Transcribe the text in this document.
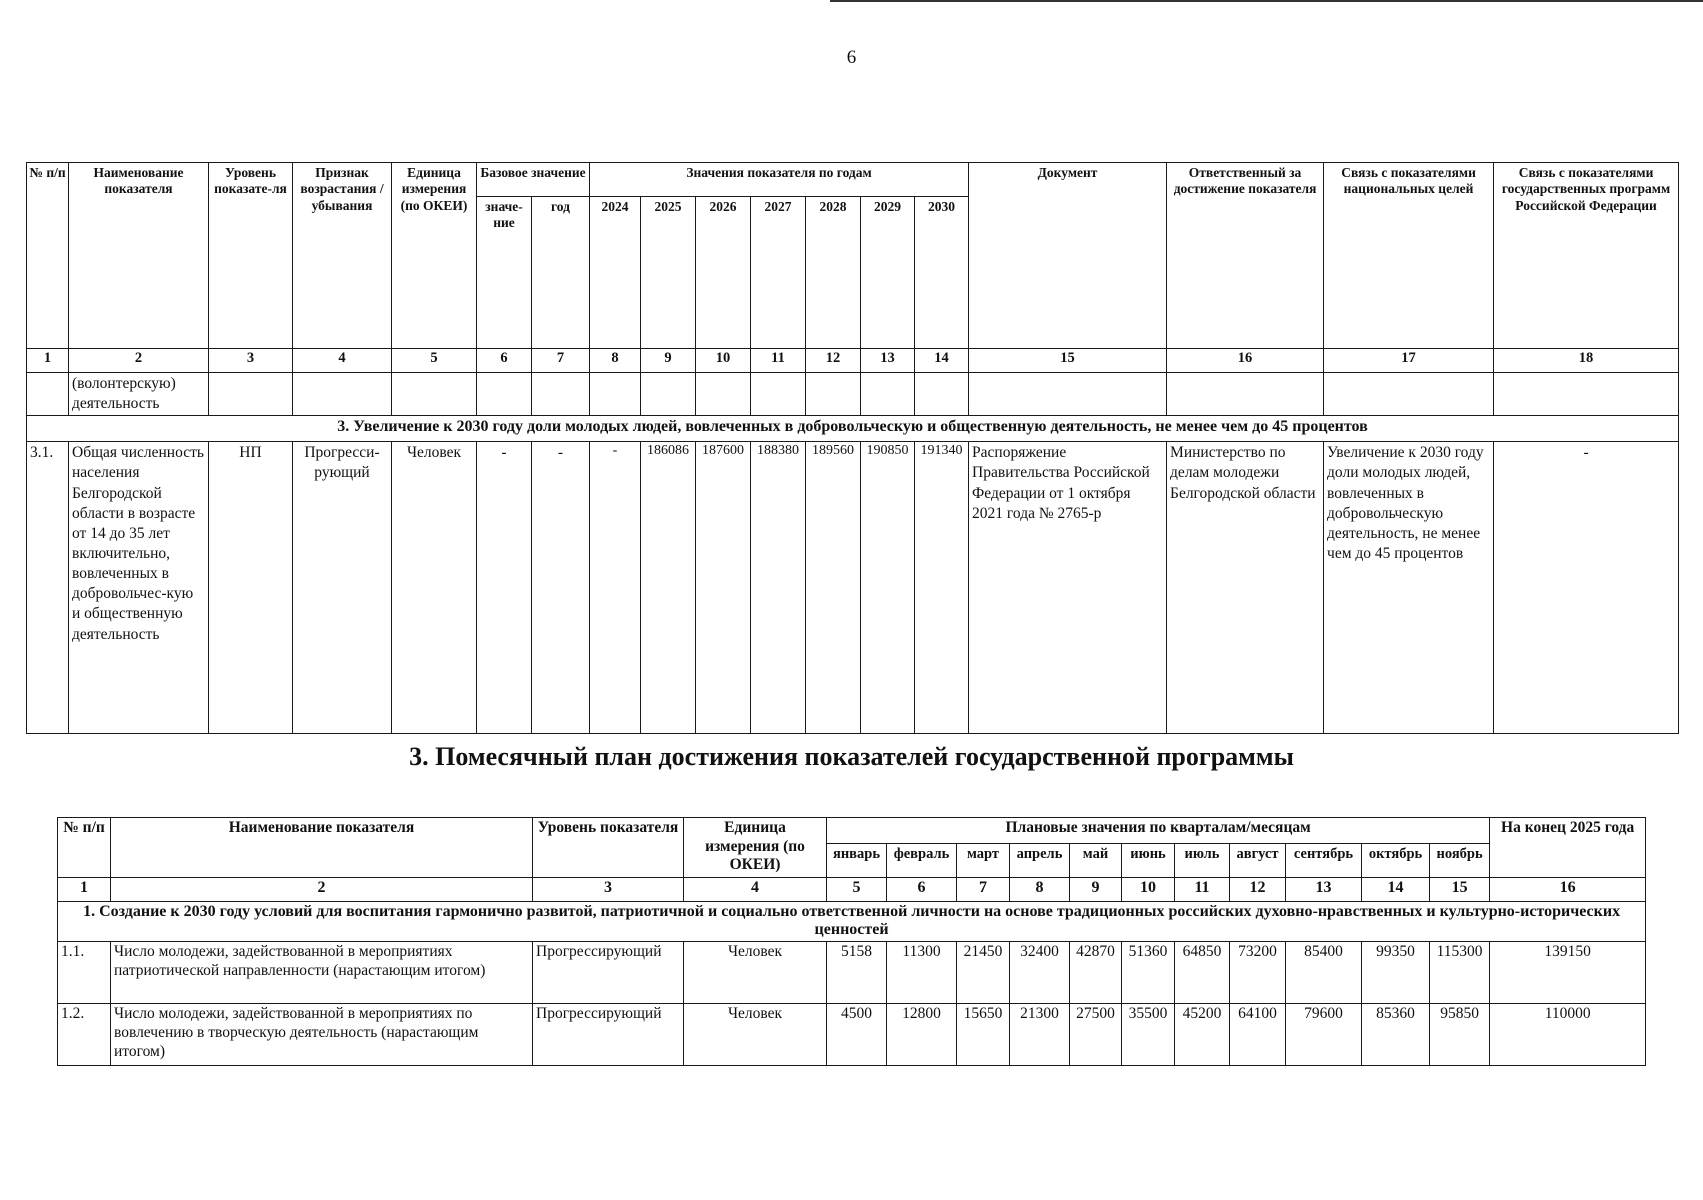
6
№ п/п	Наименование показателя	Уровень показате-ля	Признак возрастания / убывания	Единица измерения (по ОКЕИ)	Базовое значение		Значения показателя по годам							Документ	Ответственный за достижение показателя	Связь с показателями национальных целей	Связь с показателями государственных программ Российской Федерации
					значе-ние	год	2024	2025	2026	2027	2028	2029	2030				
1	2	3	4	5	6	7	8	9	10	11	12	13	14	15	16	17	18
	(волонтерскую) деятельность																
3. Увеличение к 2030 году доли молодых людей, вовлеченных в добровольческую и общественную деятельность, не менее чем до 45 процентов																	
3.1.	Общая численность населения Белгородской области в возрасте от 14 до 35 лет включительно, вовлеченных в добровольчес-кую и общественную деятельность	НП	Прогресси-рующий	Человек	-	-	-	186086	187600	188380	189560	190850	191340	Распоряжение Правительства Российской Федерации от 1 октября 2021 года № 2765-р	Министерство по делам молодежи Белгородской области	Увеличение к 2030 году доли молодых людей, вовлеченных в добровольческую деятельность, не менее чем до 45 процентов	-
3. Помесячный план достижения показателей государственной программы
№ п/п	Наименование показателя	Уровень показателя	Единица измерения (по ОКЕИ)	Плановые значения по кварталам/месяцам											На конец 2025 года
				январь	февраль	март	апрель	май	июнь	июль	август	сентябрь	октябрь	ноябрь	
1	2	3	4	5	6	7	8	9	10	11	12	13	14	15	16
1. Создание к 2030 году условий для воспитания гармонично развитой, патриотичной и социально ответственной личности на основе традиционных российских духовно-нравственных и культурно-исторических ценностей															
1.1.	Число молодежи, задействованной в мероприятиях патриотической направленности (нарастающим итогом)	Прогрессирующий	Человек	5158	11300	21450	32400	42870	51360	64850	73200	85400	99350	115300	139150
1.2.	Число молодежи, задействованной в мероприятиях по вовлечению в творческую деятельность (нарастающим итогом)	Прогрессирующий	Человек	4500	12800	15650	21300	27500	35500	45200	64100	79600	85360	95850	110000
